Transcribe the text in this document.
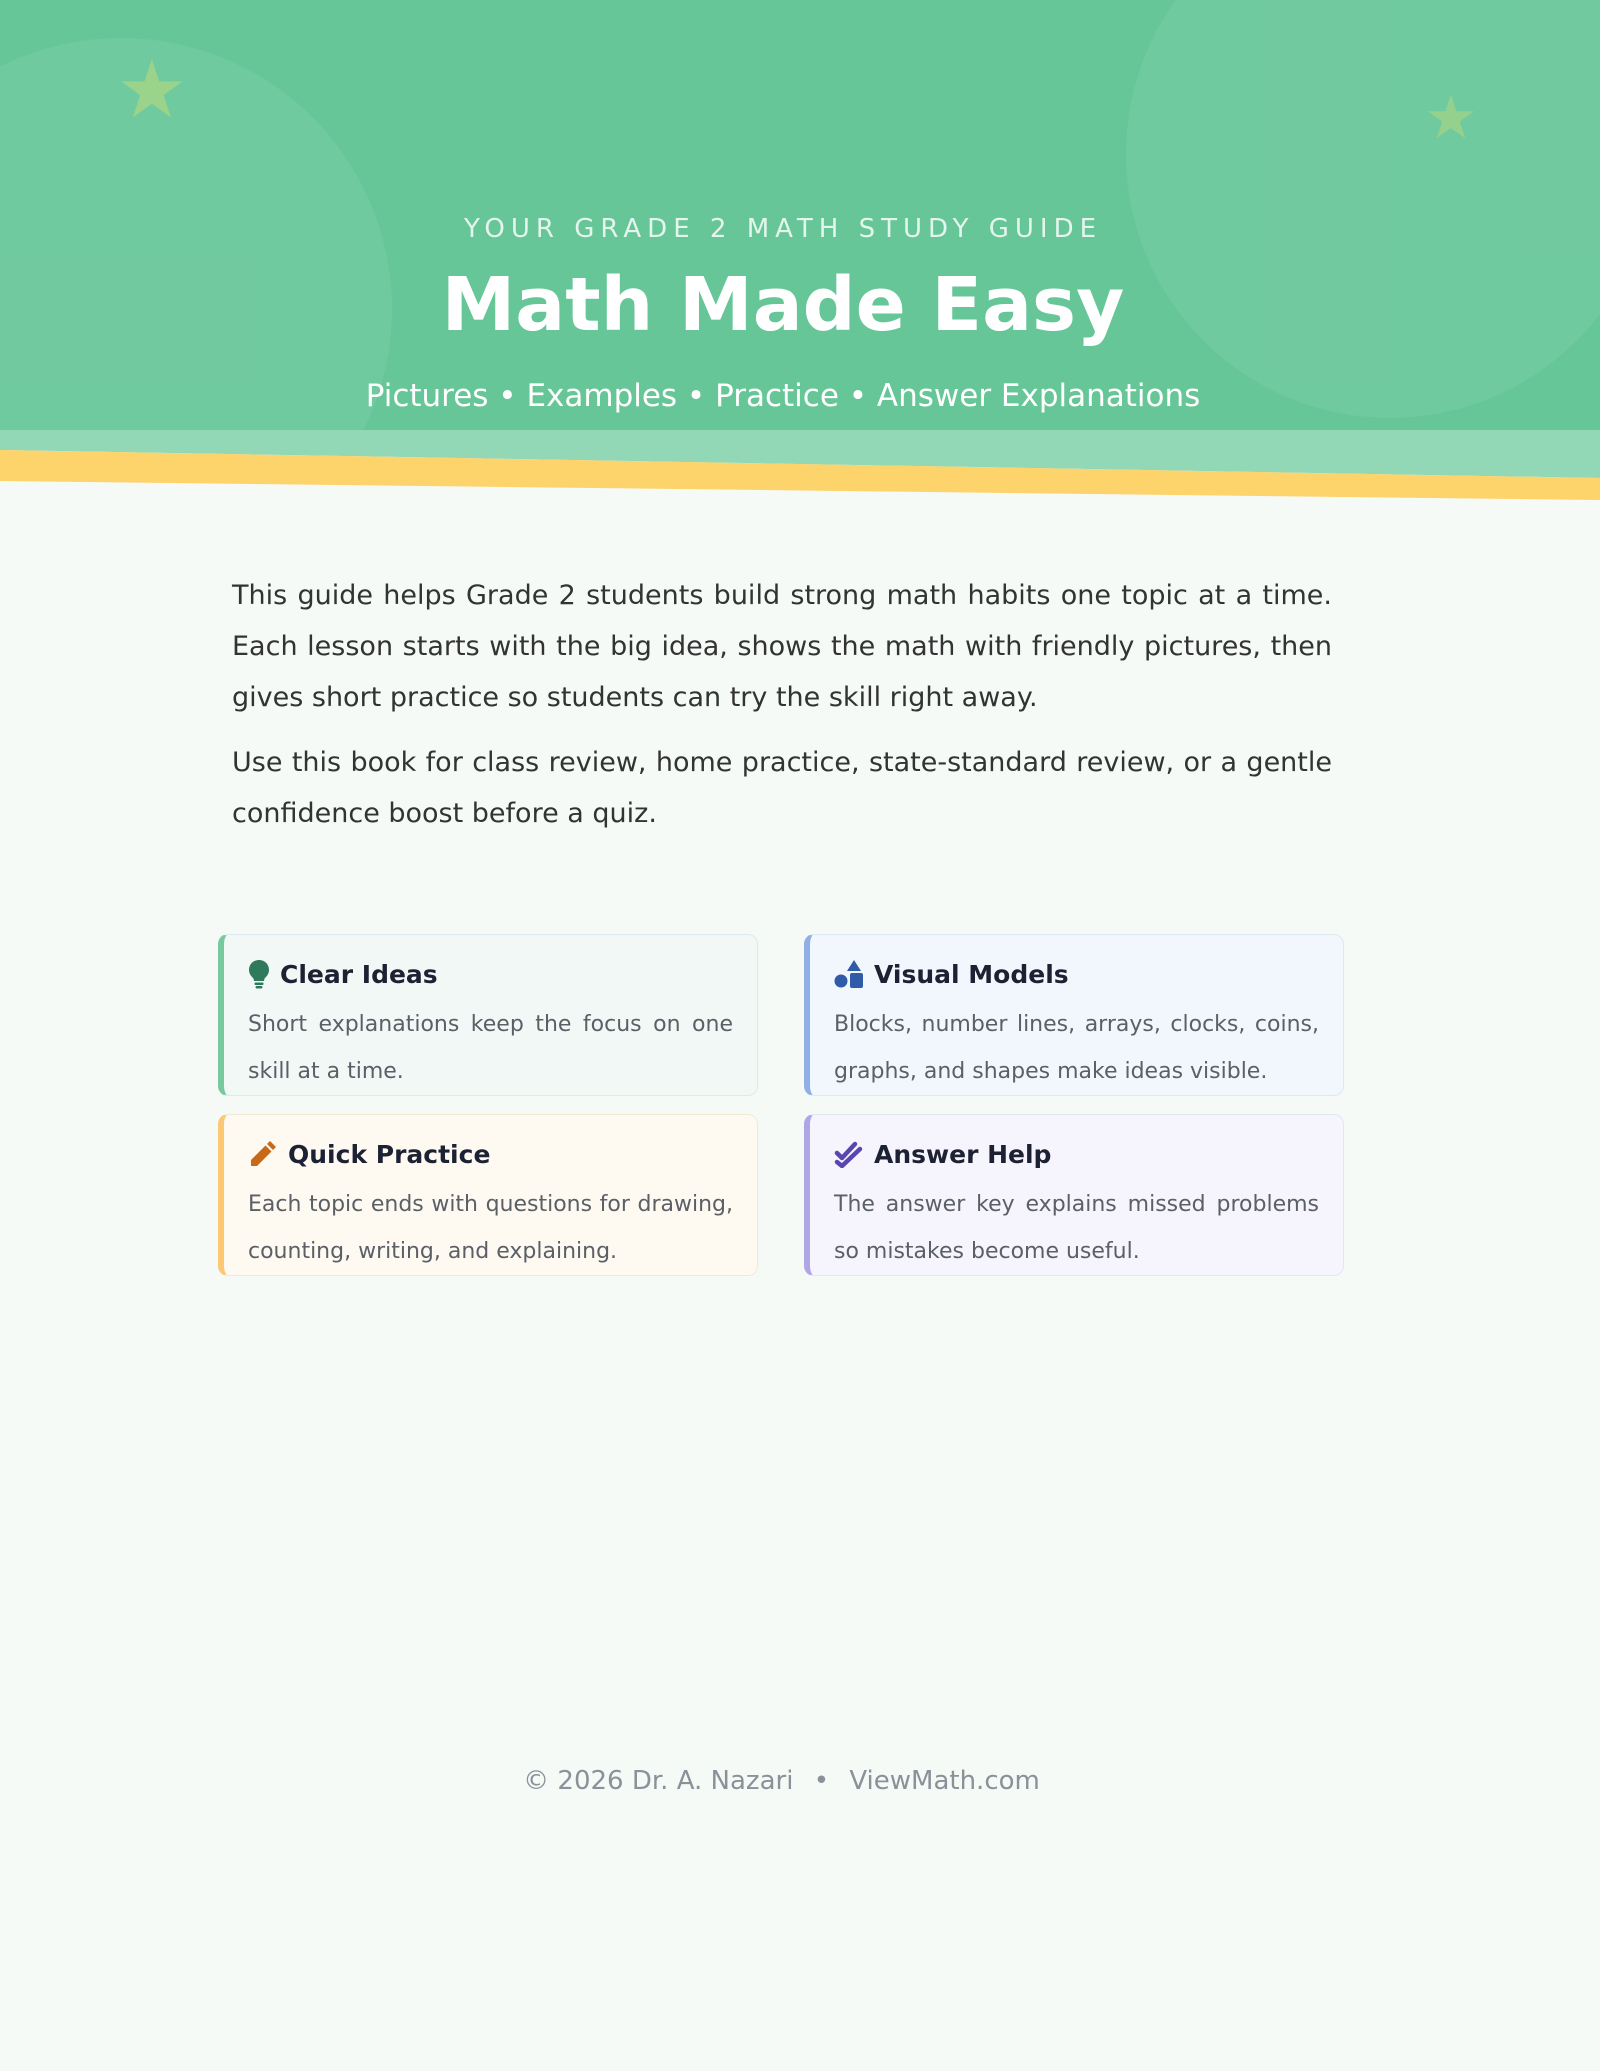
★	★
YOUR GRADE 2 MATH STUDY GUIDE
Math Made Easy
Pictures • Examples • Practice • Answer Explanations

This guide helps Grade 2 students build strong math habits one topic at a time. Each lesson starts with the big idea, shows the math with friendly pictures, then gives short practice so students can try the skill right away.

Use this book for class review, home practice, state-standard review, or a gentle confidence boost before a quiz.

Clear Ideas
Short explanations keep the focus on one skill at a time.
Visual Models
Blocks, number lines, arrays, clocks, coins, graphs, and shapes make ideas visible.
Quick Practice
Each topic ends with questions for drawing, counting, writing, and explaining.
Answer Help
The answer key explains missed problems so mistakes become useful.
© 2026 Dr. A. Nazari • ViewMath.com
